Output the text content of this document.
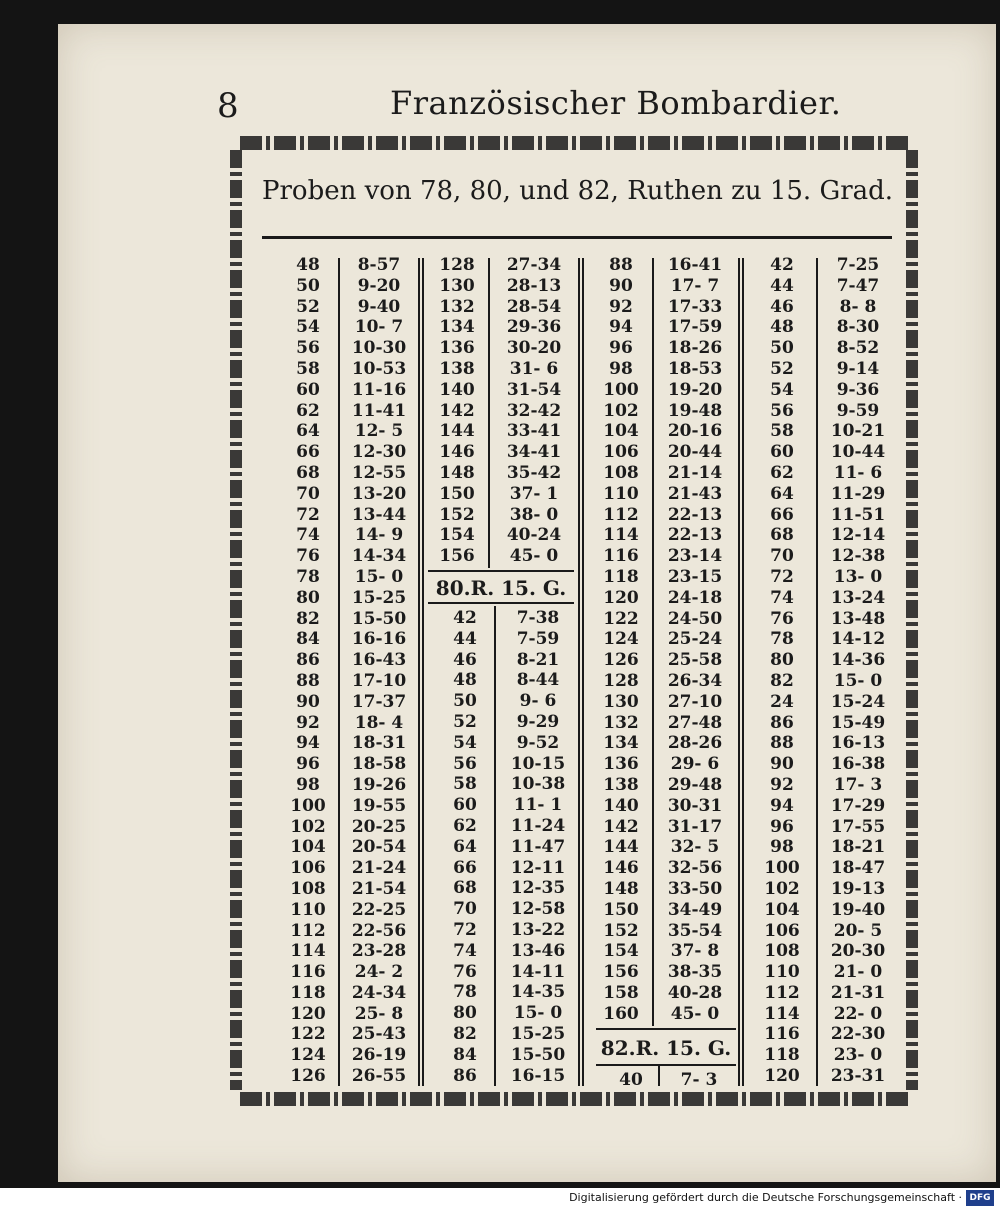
8	Französischer Bombardier.
Proben von 78, 80, und 82, Ruthen zu 15. Grad.
48
50
52
54
56
58
60
62
64
66
68
70
72
74
76
78
80
82
84
86
88
90
92
94
96
98
100
102
104
106
108
110
112
114
116
118
120
122
124
126
8-57
9-20
9-40
10- 7
10-30
10-53
11-16
11-41
12- 5
12-30
12-55
13-20
13-44
14- 9
14-34
15- 0
15-25
15-50
16-16
16-43
17-10
17-37
18- 4
18-31
18-58
19-26
19-55
20-25
20-54
21-24
21-54
22-25
22-56
23-28
24- 2
24-34
25- 8
25-43
26-19
26-55
128
130
132
134
136
138
140
142
144
146
148
150
152
154
156
27-34
28-13
28-54
29-36
30-20
31- 6
31-54
32-42
33-41
34-41
35-42
37- 1
38- 0
40-24
45- 0
80.R. 15. G.
42
44
46
48
50
52
54
56
58
60
62
64
66
68
70
72
74
76
78
80
82
84
86
7-38
7-59
8-21
8-44
9- 6
9-29
9-52
10-15
10-38
11- 1
11-24
11-47
12-11
12-35
12-58
13-22
13-46
14-11
14-35
15- 0
15-25
15-50
16-15
88
90
92
94
96
98
100
102
104
106
108
110
112
114
116
118
120
122
124
126
128
130
132
134
136
138
140
142
144
146
148
150
152
154
156
158
160
16-41
17- 7
17-33
17-59
18-26
18-53
19-20
19-48
20-16
20-44
21-14
21-43
22-13
22-13
23-14
23-15
24-18
24-50
25-24
25-58
26-34
27-10
27-48
28-26
29- 6
29-48
30-31
31-17
32- 5
32-56
33-50
34-49
35-54
37- 8
38-35
40-28
45- 0
82.R. 15. G.
40	7- 3
42
44
46
48
50
52
54
56
58
60
62
64
66
68
70
72
74
76
78
80
82
24
86
88
90
92
94
96
98
100
102
104
106
108
110
112
114
116
118
120
7-25
7-47
8- 8
8-30
8-52
9-14
9-36
9-59
10-21
10-44
11- 6
11-29
11-51
12-14
12-38
13- 0
13-24
13-48
14-12
14-36
15- 0
15-24
15-49
16-13
16-38
17- 3
17-29
17-55
18-21
18-47
19-13
19-40
20- 5
20-30
21- 0
21-31
22- 0
22-30
23- 0
23-31
Digitalisierung gefördert durch die Deutsche Forschungsgemeinschaft · DFG
